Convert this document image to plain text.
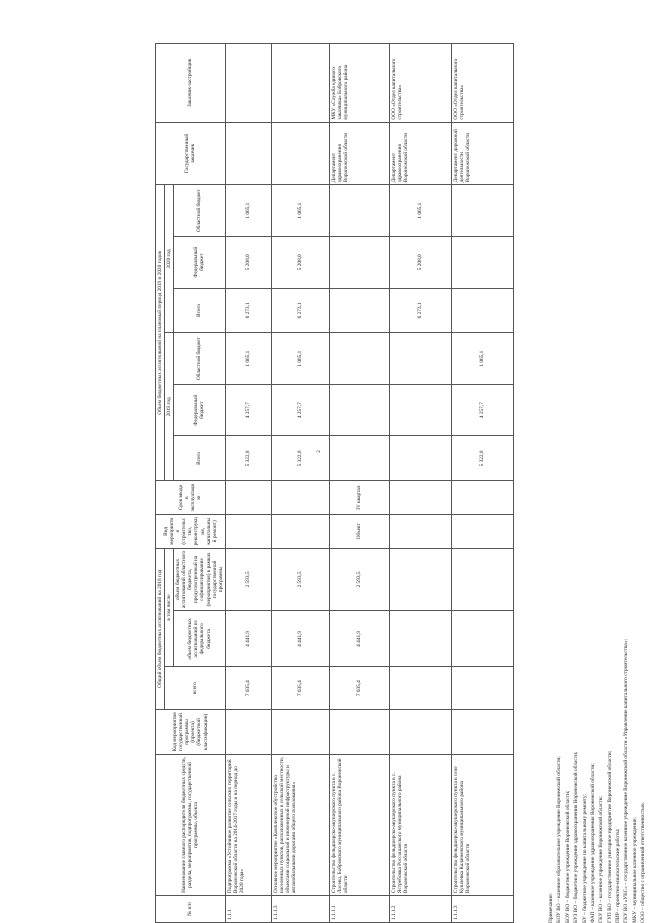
2
№ п/п	Наименование главного распорядителя бюджетных средств, раздела, мероприятия, подпрограммы, государственной программы, объекта	Код мероприятия государственной программы (проекта) (бюджетной классификации)	Общий объем бюджетных ассигнований на 2018 год			Вид мероприятия (строительство, реконструкция, капитальный ремонт)	Срок ввода в эксплуатацию	Объем бюджетных ассигнований на плановый период 2019 и 2020 годов						Государственный заказчик	Заказчик-застройщик
			всего	в том числе				2019 год			2020 год				
				объем бюджетных ассигнований из федерального бюджета	объем бюджетных ассигнований областного бюджета, предусмотренный на софинансирование (мероприятия) в рамках государственной программы			Всего	Федеральный бюджет	Областной бюджет	Всего	Федеральный бюджет	Областной бюджет		
1.1.1	Подпрограмма «Устойчивое развитие сельских территорий Воронежской области на 2014-2017 годы и на период до 2020 года»		7 035,4	4 441,9	2 593,5			5 322,8	4 257,7	1 065,1	6 273,1	5 208,0	1 065,1		
1.1.1.3	Основное мероприятие «Комплексное обустройство населенных пунктов, расположенных в сельской местности, объектами социальной и инженерной инфраструктуры и автомобильными дорогами общего пользования»		7 035,4	4 441,9	2 593,5			5 322,8	4 257,7	1 065,1	6 273,1	5 208,0	1 065,1		
1.1.1.1	Строительство фельдшерско-акушерского пункта в с. Лосево, Бобровского муниципального района Воронежской области		7 035,4	4 441,9	2 593,5	Объект	IV квартал							Департамент здравоохранения Воронежской области	МКУ «Служба единого заказчика» Бобровского муниципального района
1.1.1.2	Строительство фельдшерско-акушерского пункта в с. Ястребовка Россошанского муниципального района Воронежской области										6 273,1	5 208,0	1 065,1	Департамент здравоохранения Воронежской области	ООО «Отдел капитального строительства»
1.1.1.3	Строительство фельдшерско-акушерского пункта в селе Кушлевка Калачеевского муниципального района Воронежской области							5 322,8	4 257,7	1 065,1				Департамент дорожной деятельности Воронежской области	ООО «Отдел капитального строительства»
Примечание: КОУ ВО – казенное образовательное учреждение Воронежской области; БОУ ВО – бюджетное учреждение Воронежской области; БУЗ ВО – бюджетное учреждение здравоохранения Воронежской области; БУ – бюджетное учреждение по капитальному ремонту; ФАП – казенное учреждение здравоохранения Воронежской области; ГКУ ВО – казенное учреждение Воронежской области; ГУП ВО – государственное унитарное предприятие Воронежской области; ПИР – проектно-изыскательские работы; ГКУ ВО «УКС» – государственное казенное учреждение Воронежской области «Управление капитального строительства»; МКУ – муниципальное казенное учреждение; ООО – общество с ограниченной ответственностью.
